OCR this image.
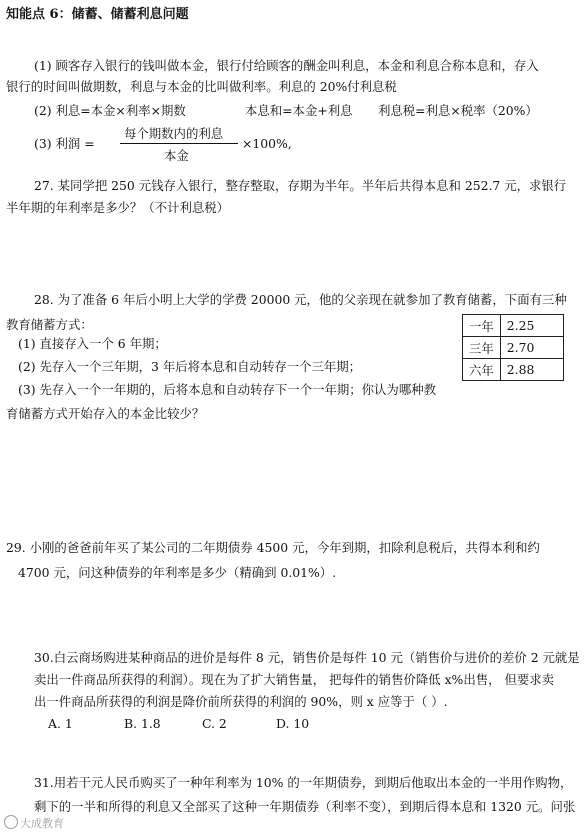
知能点 6：储蓄、储蓄利息问题
(1) 顾客存入银行的钱叫做本金，银行付给顾客的酬金叫利息，本金和利息合称本息和，存入
银行的时间叫做期数，利息与本金的比叫做利率。利息的 20%付利息税
(2) 利息=本金×利率×期数	本息和=本金+利息 利息税=利息×税率（20%）
(3) 利润 =
每个期数内的利息
本金
×100%,
27. 某同学把 250 元钱存入银行，整存整取，存期为半年。半年后共得本息和 252.7 元，求银行
半年期的年利率是多少？（不计利息税）
28. 为了准备 6 年后小明上大学的学费 20000 元，他的父亲现在就参加了教育储蓄，下面有三种
教育储蓄方式：
(1) 直接存入一个 6 年期；
(2) 先存入一个三年期，3 年后将本息和自动转存一个三年期；
(3) 先存入一个一年期的，后将本息和自动转存下一个一年期；你认为哪种教
育储蓄方式开始存入的本金比较少？
一年	2.25
三年	2.70
六年	2.88
29. 小刚的爸爸前年买了某公司的二年期债券 4500 元，今年到期，扣除利息税后，共得本利和约
4700 元，问这种债券的年利率是多少（精确到 0.01%）.
30.白云商场购进某种商品的进价是每件 8 元，销售价是每件 10 元（销售价与进价的差价 2 元就是
卖出一件商品所获得的利润）。现在为了扩大销售量， 把每件的销售价降低 x%出售， 但要求卖
出一件商品所获得的利润是降价前所获得的利润的 90%，则 x 应等于（ ）.
A. 1	B. 1.8	C. 2	D. 10
31.用若干元人民币购买了一种年利率为 10% 的一年期债券，到期后他取出本金的一半用作购物，
剩下的一半和所得的利息又全部买了这种一年期债券（利率不变），到期后得本息和 1320 元。问张
大成教育
